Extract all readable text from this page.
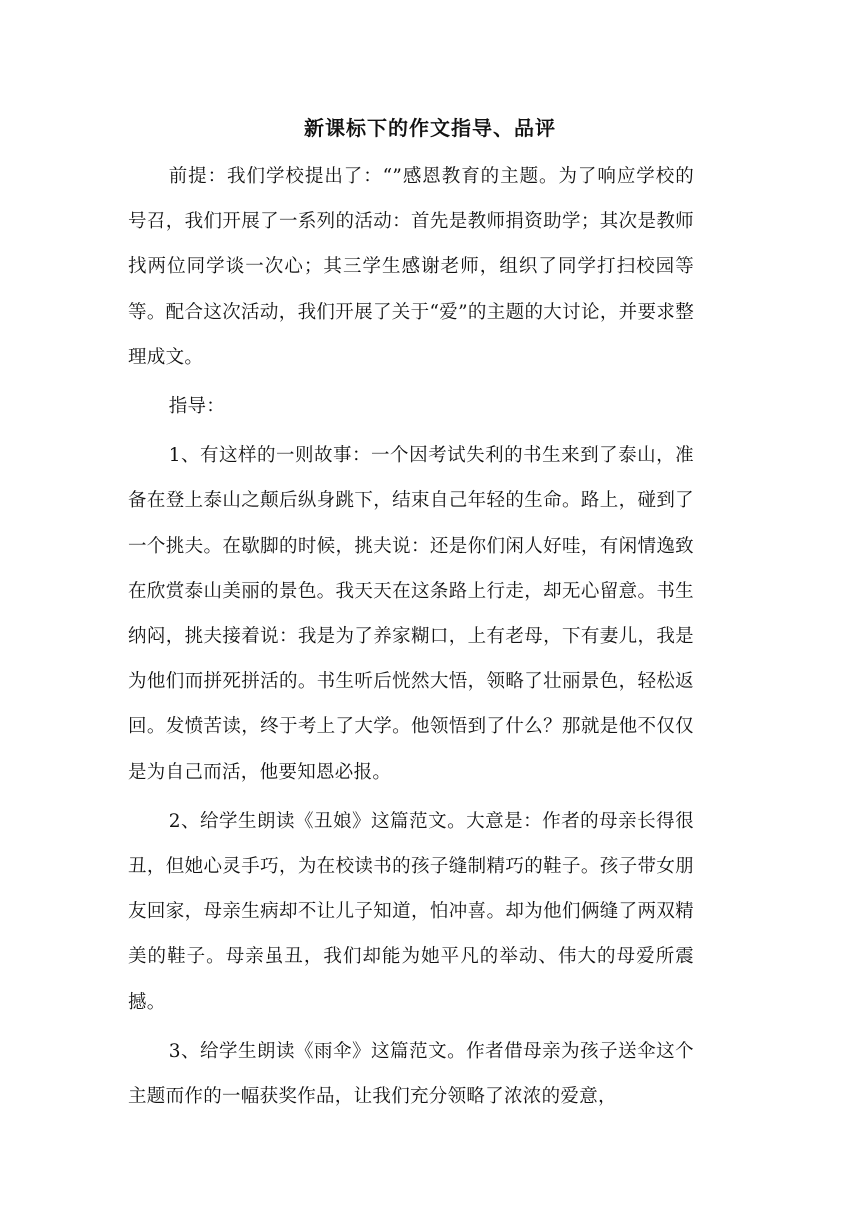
新课标下的作文指导、品评

前提：我们学校提出了：“”感恩教育的主题。为了响应学校的号召，我们开展了一系列的活动：首先是教师捐资助学；其次是教师找两位同学谈一次心；其三学生感谢老师，组织了同学打扫校园等等。配合这次活动，我们开展了关于“爱”的主题的大讨论，并要求整理成文。

指导：

1、有这样的一则故事：一个因考试失利的书生来到了泰山，准备在登上泰山之颠后纵身跳下，结束自己年轻的生命。路上，碰到了一个挑夫。在歇脚的时候，挑夫说：还是你们闲人好哇，有闲情逸致在欣赏泰山美丽的景色。我天天在这条路上行走，却无心留意。书生纳闷，挑夫接着说：我是为了养家糊口，上有老母，下有妻儿，我是为他们而拼死拼活的。书生听后恍然大悟，领略了壮丽景色，轻松返回。发愤苦读，终于考上了大学。他领悟到了什么？那就是他不仅仅是为自己而活，他要知恩必报。

2、给学生朗读《丑娘》这篇范文。大意是：作者的母亲长得很丑，但她心灵手巧，为在校读书的孩子缝制精巧的鞋子。孩子带女朋友回家，母亲生病却不让儿子知道，怕冲喜。却为他们俩缝了两双精美的鞋子。母亲虽丑，我们却能为她平凡的举动、伟大的母爱所震撼。

3、给学生朗读《雨伞》这篇范文。作者借母亲为孩子送伞这个主题而作的一幅获奖作品，让我们充分领略了浓浓的爱意，
